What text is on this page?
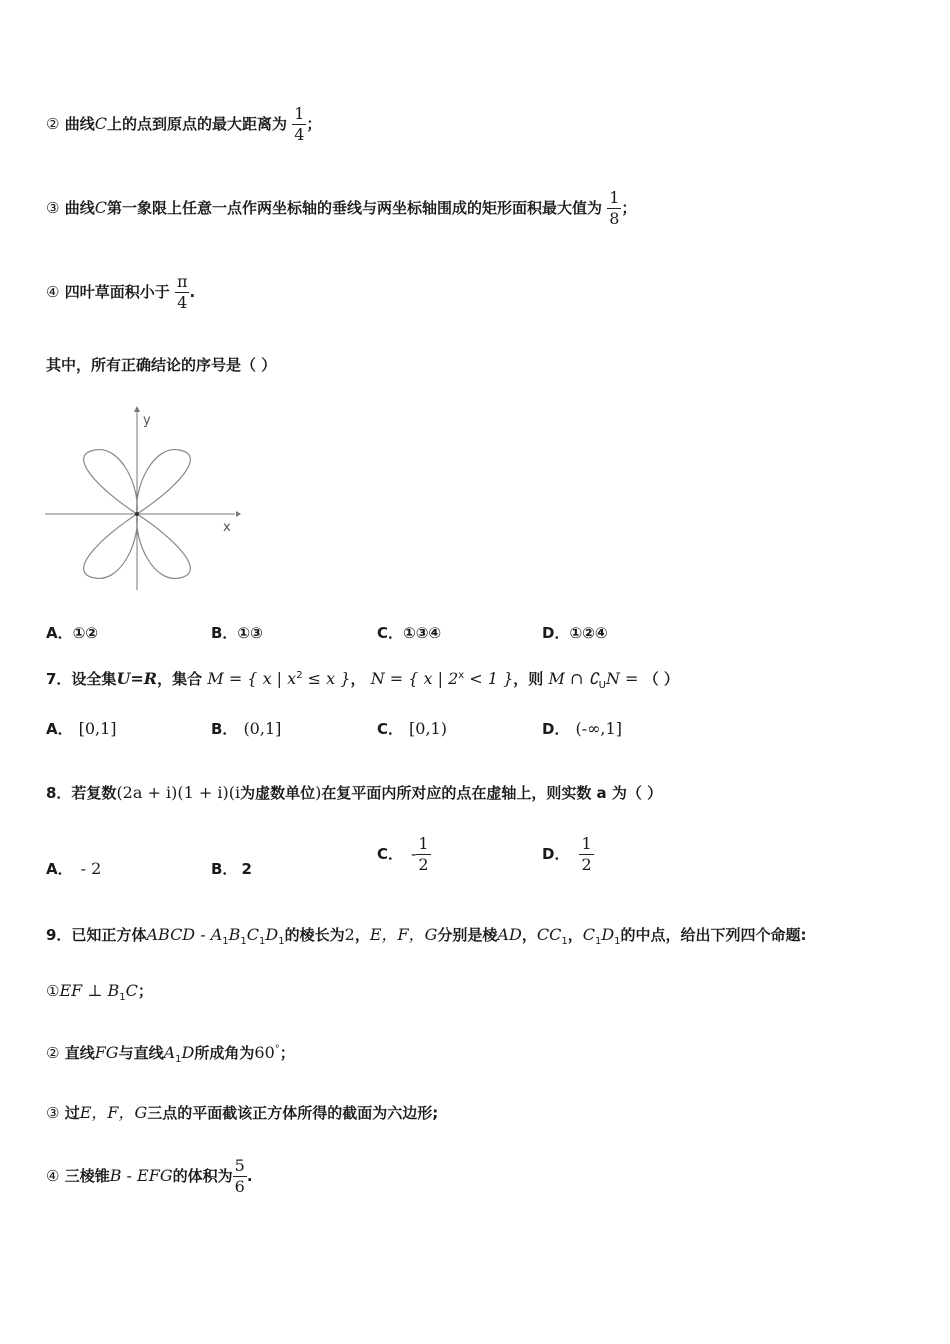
② 曲线C上的点到原点的最大距离为 $\frac{1}{4}$ ；
③ 曲线C第一象限上任意一点作两坐标轴的垂线与两坐标轴围成的矩形面积最大值为 $\frac{1}{8}$ ；
④ 四叶草面积小于 $\frac{\pi}{4}$ .
其中，所有正确结论的序号是（ ）
y
x
A．①②	B．①③	C．①③④	D．①②④
7．设全集U=R，集合 M = { x | $x^2 \le x$ }， N = { x | $2^x < 1$ }，则 M ∩ $∁_UN$ = （ ）
A． [0,1]	B． (0,1]	C． [0,1)	D． (-∞,1]
8．若复数(2a + i)(1 + i)(i为虚数单位)在复平面内所对应的点在虚轴上，则实数 a 为（ ）
A． - 2	B． 2
C． - $\frac{1}{2}$	D． $\frac{1}{2}$
9．已知正方体ABCD - $A_1B_1C_1D_1$的棱长为2，E，F，G分别是棱AD，$CC_1$，$C_1D_1$的中点，给出下列四个命题:
①EF ⊥ $B_1C$；
② 直线FG与直线$A_1D$所成角为60°；
③ 过E，F，G三点的平面截该正方体所得的截面为六边形;
④ 三棱锥B - EFG的体积为 $\frac{5}{6}$ .
